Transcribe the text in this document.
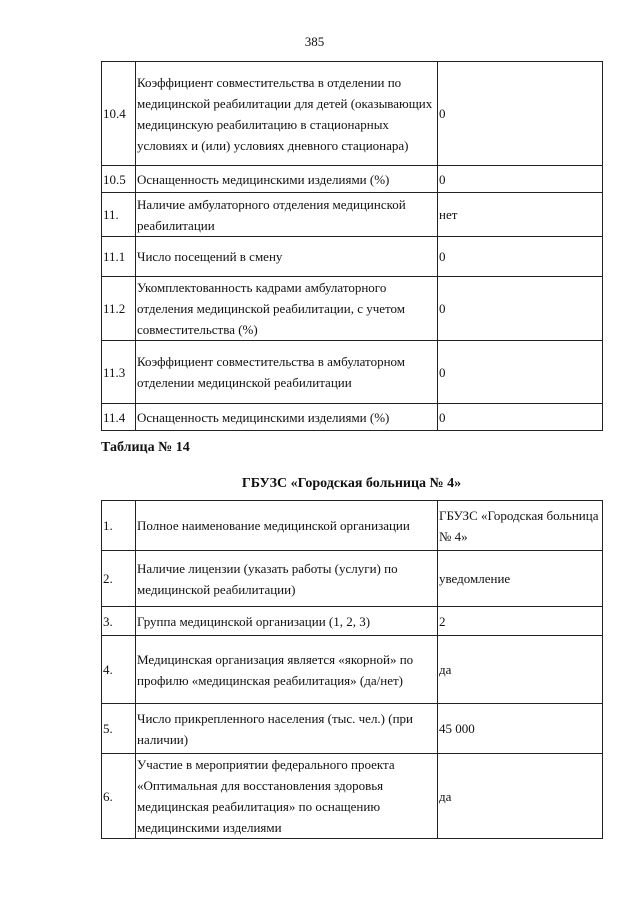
385
10.4	Коэффициент совместительства в отделении по медицинской реабилитации для детей (оказывающих медицинскую реабилитацию в стационарных условиях и (или) условиях дневного стационара)	0
10.5	Оснащенность медицинскими изделиями (%)	0
11.	Наличие амбулаторного отделения медицинской реабилитации	нет
11.1	Число посещений в смену	0
11.2	Укомплектованность кадрами амбулаторного отделения медицинской реабилитации, с учетом совместительства (%)	0
11.3	Коэффициент совместительства в амбулаторном отделении медицинской реабилитации	0
11.4	Оснащенность медицинскими изделиями (%)	0
Таблица № 14
ГБУЗС «Городская больница № 4»
1.	Полное наименование медицинской организации	ГБУЗС «Городская больница № 4»
2.	Наличие лицензии (указать работы (услуги) по медицинской реабилитации)	уведомление
3.	Группа медицинской организации (1, 2, 3)	2
4.	Медицинская организация является «якорной» по профилю «медицинская реабилитация» (да/нет)	да
5.	Число прикрепленного населения (тыс. чел.) (при наличии)	45 000
6.	Участие в мероприятии федерального проекта «Оптимальная для восстановления здоровья медицинская реабилитация» по оснащению медицинскими изделиями	да
